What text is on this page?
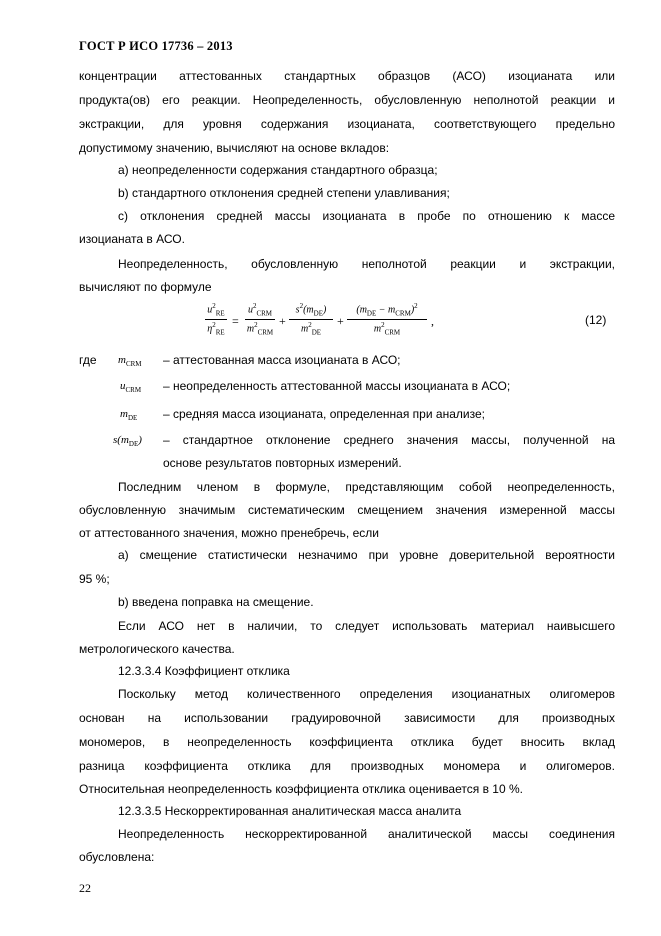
ГОСТ Р ИСО 17736 – 2013
концентрации аттестованных стандартных образцов (АСО) изоцианата или
продукта(ов) его реакции. Неопределенность, обусловленную неполнотой реакции и
экстракции, для уровня содержания изоцианата, соответствующего предельно
допустимому значению, вычисляют на основе вкладов:
а) неопределенности содержания стандартного образца;
b) стандартного отклонения средней степени улавливания;
с) отклонения средней массы изоцианата в пробе по отношению к массе
изоцианата в АСО.
Неопределенность, обусловленную неполнотой реакции и экстракции,
вычисляют по формуле
$\frac{u^2_{RE}}{\eta^2_{RE}}$ =
$u^2_{CRM}$
$m^2_{CRM}$
+
$s^2(m_{DE})$
$m^2_{DE}$
+
$(m_{DE} - m_{CRM})^2$
$m^2_{CRM}$
,	(12)
где $m_{CRM}$ – аттестованная масса изоцианата в АСО;
$u_{CRM}$ – неопределенность аттестованной массы изоцианата в АСО;
$m_{DE}$ – средняя масса изоцианата, определенная при анализе;
$s(m_{DE})$ – стандартное отклонение среднего значения массы, полученной на
основе результатов повторных измерений.
Последним членом в формуле, представляющим собой неопределенность,
обусловленную значимым систематическим смещением значения измеренной массы
от аттестованного значения, можно пренебречь, если
а) смещение статистически незначимо при уровне доверительной вероятности
95 %;
b) введена поправка на смещение.
Если АСО нет в наличии, то следует использовать материал наивысшего
метрологического качества.
12.3.3.4 Коэффициент отклика
Поскольку метод количественного определения изоцианатных олигомеров
основан на использовании градуировочной зависимости для производных
мономеров, в неопределенность коэффициента отклика будет вносить вклад
разница коэффициента отклика для производных мономера и олигомеров.
Относительная неопределенность коэффициента отклика оценивается в 10 %.
12.3.3.5 Нескорректированная аналитическая масса аналита
Неопределенность нескорректированной аналитической массы соединения
обусловлена:
22
